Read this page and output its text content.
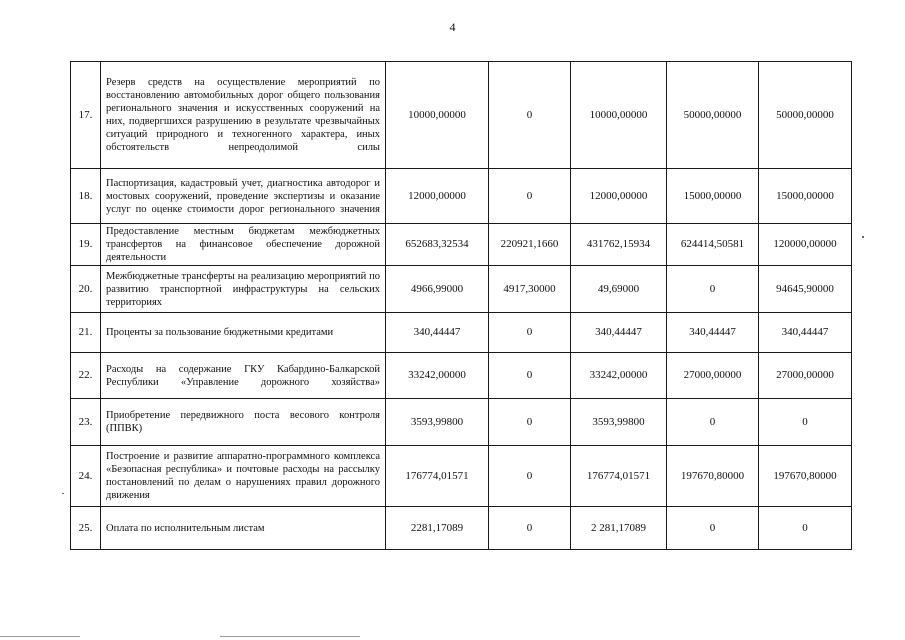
4
17.	Резерв средств на осуществление мероприятий по восстановлению автомобильных дорог общего пользования регионального значения и искусственных сооружений на них, подвергшихся разрушению в результате чрезвычайных ситуаций природного и техногенного характера, иных обстоятельств непреодолимой силы	10000,00000	0	10000,00000	50000,00000	50000,00000
18.	Паспортизация, кадастровый учет, диагностика автодорог и мостовых сооружений, проведение экспертизы и оказание услуг по оценке стоимости дорог регионального значения	12000,00000	0	12000,00000	15000,00000	15000,00000
19.	Предоставление местным бюджетам межбюджетных трансфертов на финансовое обеспечение дорожной деятельности	652683,32534	220921,1660	431762,15934	624414,50581	120000,00000
20.	Межбюджетные трансферты на реализацию мероприятий по развитию транспортной инфраструктуры на сельских территориях	4966,99000	4917,30000	49,69000	0	94645,90000
21.	Проценты за пользование бюджетными кредитами	340,44447	0	340,44447	340,44447	340,44447
22.	Расходы на содержание ГКУ Кабардино-Балкарской Республики «Управление дорожного хозяйства»	33242,00000	0	33242,00000	27000,00000	27000,00000
23.	Приобретение передвижного поста весового контроля (ППВК)	3593,99800	0	3593,99800	0	0
24.	Построение и развитие аппаратно-программного комплекса «Безопасная республика» и почтовые расходы на рассылку постановлений по делам о нарушениях правил дорожного движения	176774,01571	0	176774,01571	197670,80000	197670,80000
25.	Оплата по исполнительным листам	2281,17089	0	2 281,17089	0	0
